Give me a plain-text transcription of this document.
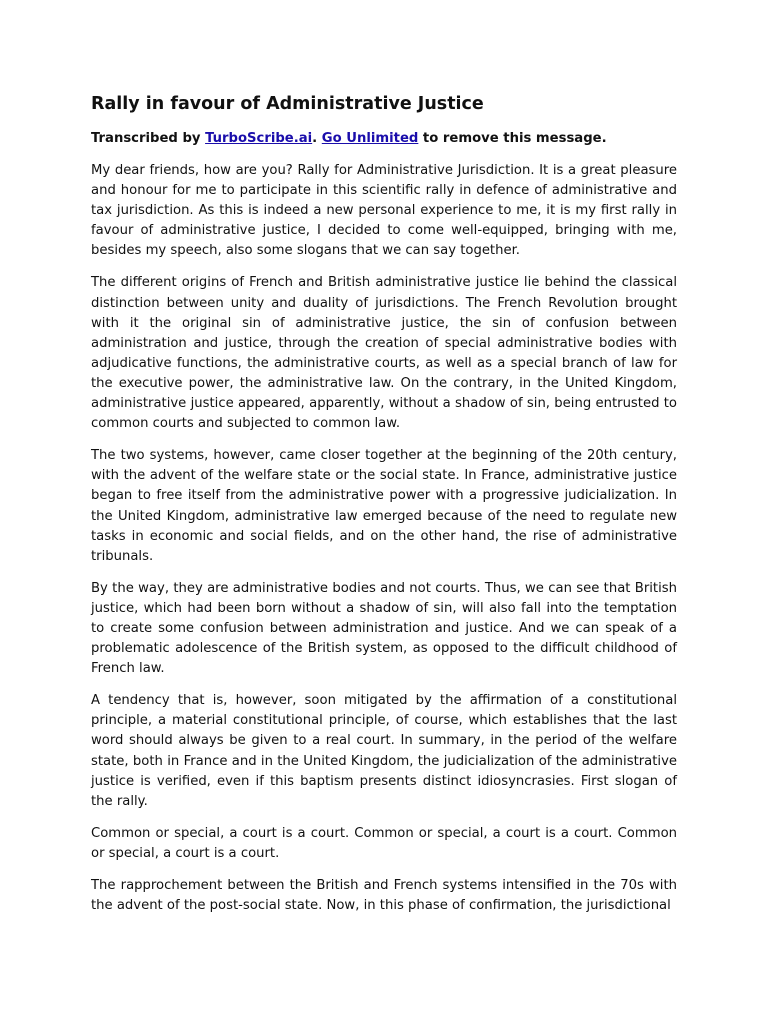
Rally in favour of Administrative Justice

Transcribed by TurboScribe.ai. Go Unlimited to remove this message.

My dear friends, how are you? Rally for Administrative Jurisdiction. It is a great pleasure and honour for me to participate in this scientific rally in defence of administrative and tax jurisdiction. As this is indeed a new personal experience to me, it is my first rally in favour of administrative justice, I decided to come well-equipped, bringing with me, besides my speech, also some slogans that we can say together.

The different origins of French and British administrative justice lie behind the classical distinction between unity and duality of jurisdictions. The French Revolution brought with it the original sin of administrative justice, the sin of confusion between administration and justice, through the creation of special administrative bodies with adjudicative functions, the administrative courts, as well as a special branch of law for the executive power, the administrative law. On the contrary, in the United Kingdom, administrative justice appeared, apparently, without a shadow of sin, being entrusted to common courts and subjected to common law.

The two systems, however, came closer together at the beginning of the 20th century, with the advent of the welfare state or the social state. In France, administrative justice began to free itself from the administrative power with a progressive judicialization. In the United Kingdom, administrative law emerged because of the need to regulate new tasks in economic and social fields, and on the other hand, the rise of administrative tribunals.

By the way, they are administrative bodies and not courts. Thus, we can see that British justice, which had been born without a shadow of sin, will also fall into the temptation to create some confusion between administration and justice. And we can speak of a problematic adolescence of the British system, as opposed to the difficult childhood of French law.

A tendency that is, however, soon mitigated by the affirmation of a constitutional principle, a material constitutional principle, of course, which establishes that the last word should always be given to a real court. In summary, in the period of the welfare state, both in France and in the United Kingdom, the judicialization of the administrative justice is verified, even if this baptism presents distinct idiosyncrasies. First slogan of the rally.

Common or special, a court is a court. Common or special, a court is a court. Common or special, a court is a court.

The rapprochement between the British and French systems intensified in the 70s with the advent of the post-social state. Now, in this phase of confirmation, the jurisdictional
